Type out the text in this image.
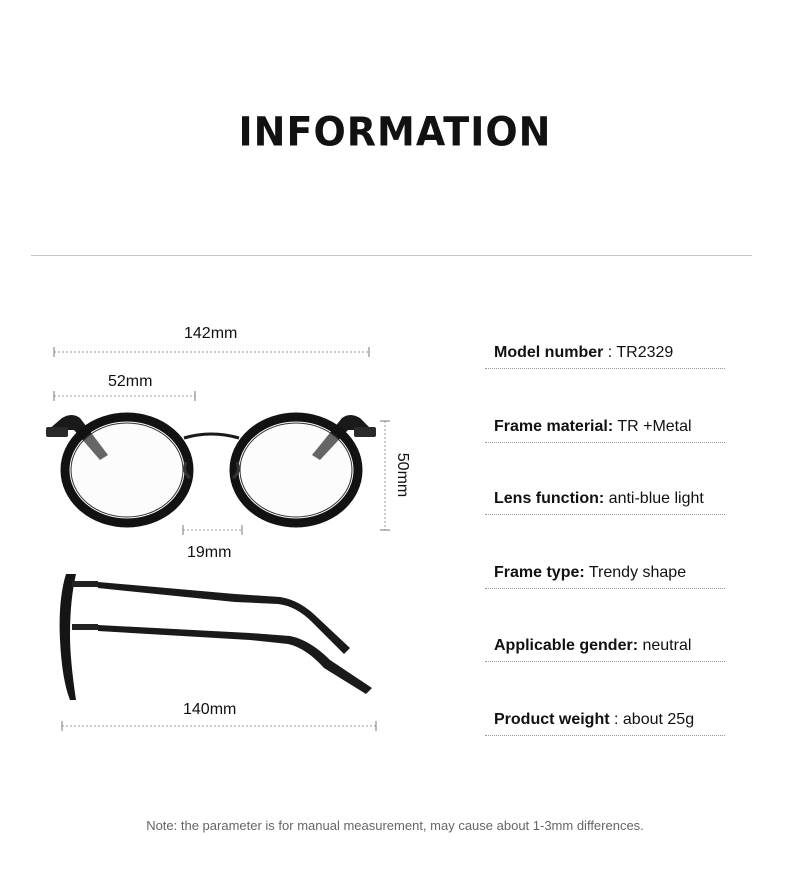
INFORMATION
142mm
52mm
19mm
50mm
140mm
Model number : TR2329
Frame material: TR +Metal
Lens function: anti-blue light
Frame type: Trendy shape
Applicable gender: neutral
Product weight : about 25g
Note: the parameter is for manual measurement, may cause about 1-3mm differences.
